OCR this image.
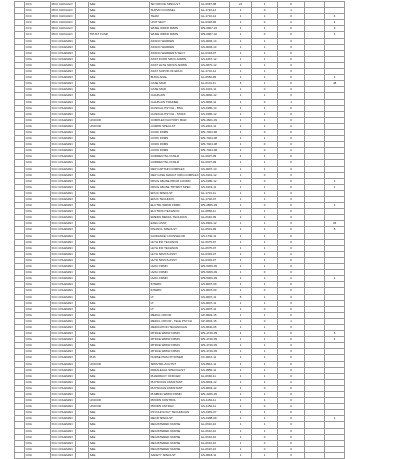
	CCC	MCC CHICAGO		S&E	SR OFFICE SPECLST	GL-0997-08	21	1	0		
	CCC	MCC CHICAGO		S&E	SUPVR COUNSEL	GL-1710-12	1	0	1		
	CCC	MCC CHICAGO		S&E	TEAM	GL-1710-12	1	1	0		4
	CCC	MCC CHICAGO		S&E	UNIT SECY	GL-0318-06	1	0	0		4
	CCC	MCC CHICAGO		S&E	WHSE WRKR FRMN	WS-6907-03	1	1	0		3
	CCC	MCC CHICAGO		TRUST FUND	WHSE WRKR FRMN	WS-6907-02	1	0	0		1
	COA	FCC COLEMAN		S&E	ASSOC WARDEN	GS-0006-14	1	1	0		
	COA	FCC COLEMAN		S&E	ASSOC WARDEN	GS-0006-14	1	1	0		
	COA	FCC COLEMAN		S&E	ASSOC WARDEN'S SECY	GL-0318-07	1	1	0		
	COA	FCC COLEMAN		S&E	ASST FOOD SRVC ADMIN	GS-1667-12	1	1	0		
	COA	FCC COLEMAN		S&E	ASST HLTH SRVCS ADMIN	GS-0670-12	1	1	0		
	COA	FCC COLEMAN		S&E	ASST SUPVR OF EDUC	GL-1710-12	1	1	0		
	COA	FCC COLEMAN		S&E	BUDG ANAL	GL-0560-09	1	1	0		1
	COA	FCC COLEMAN		S&E	CASE MGR	GL-0101-11	5	1	0		48
	COA	FCC COLEMAN		S&E	CASE MGR	GS-0101-11	1	0	0		
	COA	FCC COLEMAN		S&E	CHAPLAIN	GS-0060-12	1	1	0		
	COA	FCC COLEMAN		S&E	CHAPLAIN TRAINEE	GS-0060-11	1	0	1		
	COA	FCC COLEMAN		S&E	CLINICAL PSYCH - BTAI	GS-0180-13	1	1	0		
	COA	FCC COLEMAN		S&E	CLINICAL PSYCH - STAFF	GS-0180-12	1	1	0		
	COA	FCC COLEMAN		UNICOR	COMPLEX FACTORY MGR	WS-4601-09	1	1	0		
	COA	FCC COLEMAN		UNICOR	COMPR SPECLST	GS-2210-11	1	1	0		
	COA	FCC COLEMAN		S&E	COOK FRMN	WS-7404-08	1	0	0		
	COA	FCC COLEMAN		S&E	COOK FRMN	WS-7404-08	1	1	0		
	COA	FCC COLEMAN		S&E	COOK FRMN	WS-7404-08	1	0	0		
	COA	FCC COLEMAN		S&E	COOK FRMN	WS-7404-08	1	0	0		
	COA	FCC COLEMAN		S&E	CORRECTNL CNSLR	GL-0007-09	4	1	0		
	COA	FCC COLEMAN		S&E	CORRECTNL CNSLR	GL-0007-09	1	1	0		
	COA	FCC COLEMAN		S&E	DEP CAPTAIN COMPLEX	GS-0007-13	1	1	0		
	COA	FCC COLEMAN		S&E	DEP CASE MANGT CRD-COMPLEX	GS-0101-12	1	0	0		
	COA	FCC COLEMAN		S&E	DRUG ABUSE PRGM COORD	GS-0180-12	1	0	0		1
	COA	FCC COLEMAN		S&E	DRUG ABUSE TRTMNT SPEC	GS-0101-11	1	1	0		1
	COA	FCC COLEMAN		S&E	EDUC SPECLST	GL-1701-11	1	1	0		
	COA	FCC COLEMAN		S&E	EDUC TECHNCN	GL-1702-07	1	1	0		
	COA	FCC COLEMAN		S&E	ELCTRL WRKR FRMN	WS-2805-09	1	0	0		1
	COA	FCC COLEMAN		S&E	ELCTRON TECHNCN	GL-0856-11	1	1	0		
	COA	FCC COLEMAN		S&E	EMERG MEDCL TECHNCN	GL-0640-09	2	1	0		
	COA	FCC COLEMAN		S&E	EXEC ASST	GS-0301-12	1	1	0		36
	COA	FCC COLEMAN		S&E	FINANCL SPECLST	GL-0501-09	1	1	0		8
	COA	FCC COLEMAN		S&E	GUIDANCE COUNSELOR	GS-1740-11	1	1	0		
	COA	FCC COLEMAN		S&E	HLTH INF TECHNCN	GL-0675-07	1	1	0		
	COA	FCC COLEMAN		S&E	HLTH INF TECHNCN	GL-0675-07	1	1	0		
	COA	FCC COLEMAN		S&E	HLTH SRVCS ASST	GL-0303-07	1	1	0		
	COA	FCC COLEMAN		S&E	HLTH SRVCS ASST	GL-0303-07	1	1	0		
	COA	FCC COLEMAN		S&E	HVAC FRMN	WS-5309-09	1	1	0		
	COA	FCC COLEMAN		S&E	HVAC FRMN	WS-5309-09	1	0	0		
	COA	FCC COLEMAN		S&E	HVAC FRMN	WS-5306-09	1	1	0		1
	COA	FCC COLEMAN		S&E	INTERN	GS-0007-09	1	1	0		
	COA	FCC COLEMAN		S&E	INTERN	GS-0007-09	1	0	0		
	COA	FCC COLEMAN		S&E	LT	GS-0007-11	5	1	0		
	COA	FCC COLEMAN		S&E	LT	GS-0007-11	1	1	0		
	COA	FCC COLEMAN		S&E	LT	GS-0007-11	1	0	0		
	COA	FCC COLEMAN		S&E	MEDCL OFFCR	GP-0602-15	1	1	0		
	COA	FCC COLEMAN		S&E	MEDCL OFFCR - TELE PSYCH	GP-0602-15	1	0	1		
	COA	FCC COLEMAN		S&E	MEDICATION TECHNICIAN	GS-0640-06	1	1	0		
	COA	FCC COLEMAN		S&E	MTRCE WRKR FRMN	WS-4749-09	4	1	0		5
	COA	FCC COLEMAN		S&E	MTRCE WRKR FRMN	WS-4749-09	1	1	0		4
	COA	FCC COLEMAN		S&E	MTRCE WRKR FRMN	WS-4749-09	1	1	0		
	COA	FCC COLEMAN		S&E	MTRCE WRKR FRMN	WS-4749-09	1	1	0		
	COA	FCC COLEMAN		PHS	NURSE PRACTITIONER	CC-0610-11	1	1	0		
	COA	FCC COLEMAN		UNICOR	SPRVTRL ACCTNT	GS-0510-11	1	1	0		
	COA	FCC COLEMAN		S&E	PARALEGAL SPECIALIST	GS-0950-11	1	1	0		
	COA	FCC COLEMAN		S&E	PHARMACY OFFICER	GL-0660-11	1	1	0		
	COA	FCC COLEMAN		S&E	PHYSICIAN ASSISTANT	GS-0603-12	1	1	0		
	COA	FCC COLEMAN		S&E	PHYSICIAN ASSISTANT	GS-0603-12	1	0	0		
	COA	FCC COLEMAN		S&E	PLMBNG WRKR FRMN	WS-4206-09	1	1	0		
	COA	FCC COLEMAN		UNICOR	PRODN CONTROL	GS-1152-11	1	1	0		
	COA	FCC COLEMAN		UNICOR	PRODN CNTRLR	GS-1152-11	1	0	0		
	COA	FCC COLEMAN		S&E	PSYCHOLOGY TECHNICIAN	GS-0181-07	1	1	0		
	COA	FCC COLEMAN		S&E	RECR SPECLST	GS-0188-09	1	1	0		1
	COA	FCC COLEMAN		S&E	REGISTERED NURSE	GL-0610-10	1	1	0		
	COA	FCC COLEMAN		S&E	REGISTERED NURSE	GL-0610-10	1	1	0		
	COA	FCC COLEMAN		S&E	REGISTERED NURSE	GL-0610-10	1	0	0		
	COA	FCC COLEMAN		S&E	REGISTERED NURSE	GL-0610-10	1	0	0		
	COA	FCC COLEMAN		S&E	REGISTERED NURSE	GL-0610-10	1	0	0		
	COA	FCC COLEMAN		S&E	SAFETY SPECLST	GS-0018-11	1	1	0		
